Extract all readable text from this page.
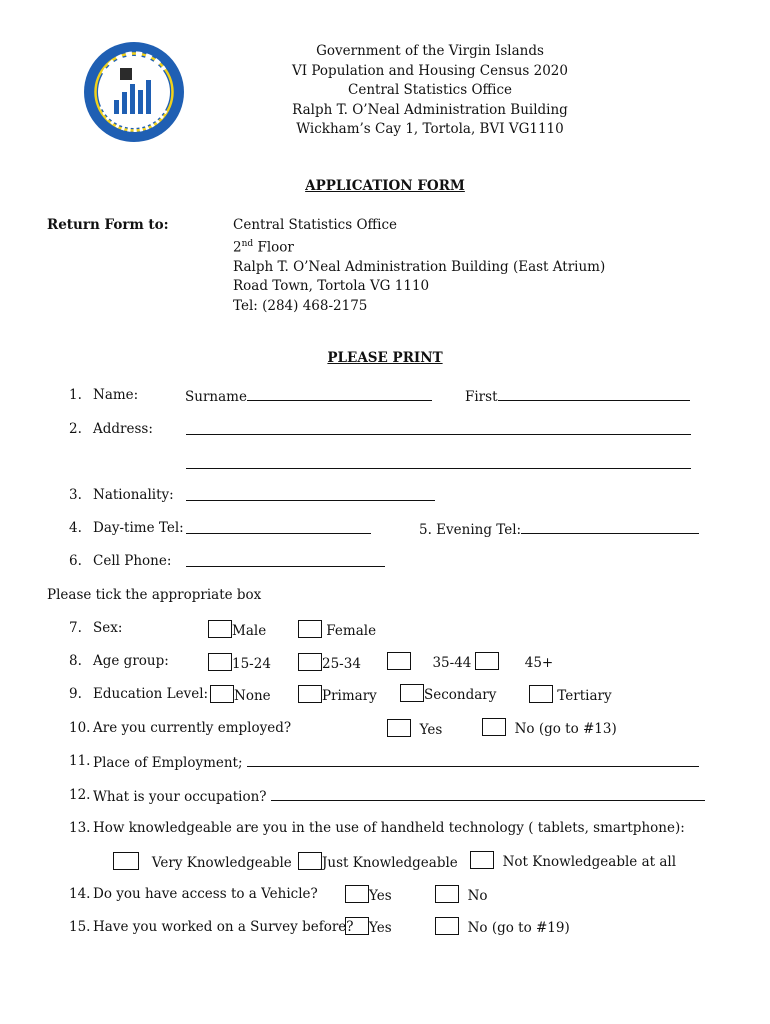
Government of the Virgin Islands
VI Population and Housing Census 2020
Central Statistics Office
Ralph T. O’Neal Administration Building
Wickham’s Cay 1, Tortola, BVI VG1110
APPLICATION FORM
Return Form to:	Central Statistics Office
2nd Floor
Ralph T. O’Neal Administration Building (East Atrium)
Road Town, Tortola VG 1110
Tel: (284) 468-2175
PLEASE PRINT
1. Name:	Surname	First
2. Address:
3. Nationality:
4. Day-time Tel:	5. Evening Tel:
6. Cell Phone:
Please tick the appropriate box
7. Sex:	Male	Female
8. Age group:	15-24	25-34	35-44	45+
9. Education Level:	None	Primary	Secondary	Tertiary
10. Are you currently employed?	Yes	No (go to #13)
11. Place of Employment;
12. What is your occupation?
13. How knowledgeable are you in the use of handheld technology ( tablets, smartphone):
Very Knowledgeable	Just Knowledgeable	Not Knowledgeable at all
14. Do you have access to a Vehicle?	Yes	No
15. Have you worked on a Survey before?	Yes	No (go to #19)
